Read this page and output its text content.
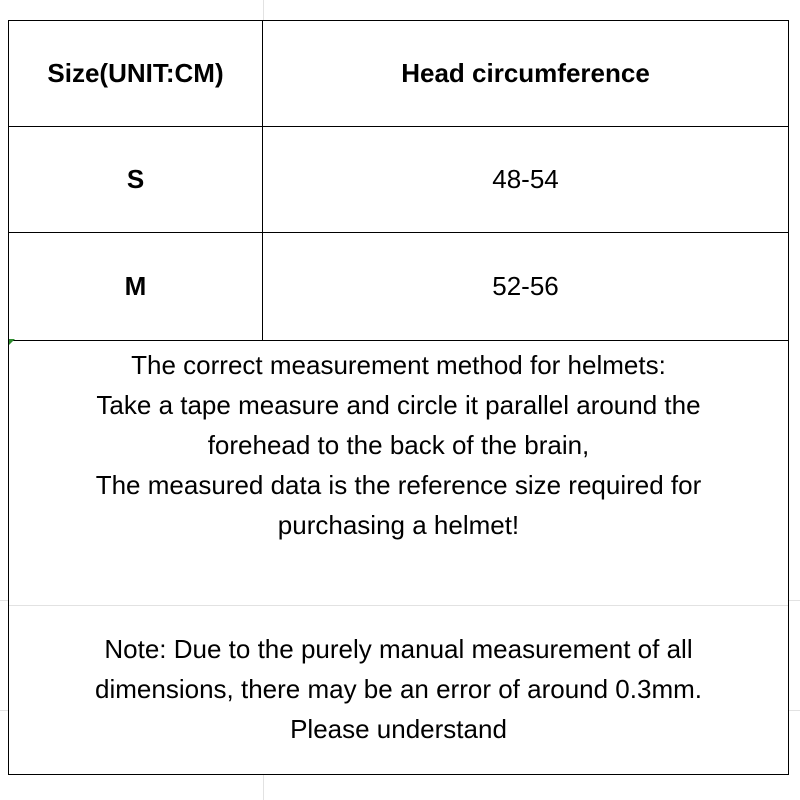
Size(UNIT:CM)	Head circumference
S	48-54
M	52-56
The correct measurement method for helmets:
Take a tape measure and circle it parallel around the
forehead to the back of the brain,
The measured data is the reference size required for
purchasing a helmet!
Note: Due to the purely manual measurement of all
dimensions, there may be an error of around 0.3mm.
Please understand
